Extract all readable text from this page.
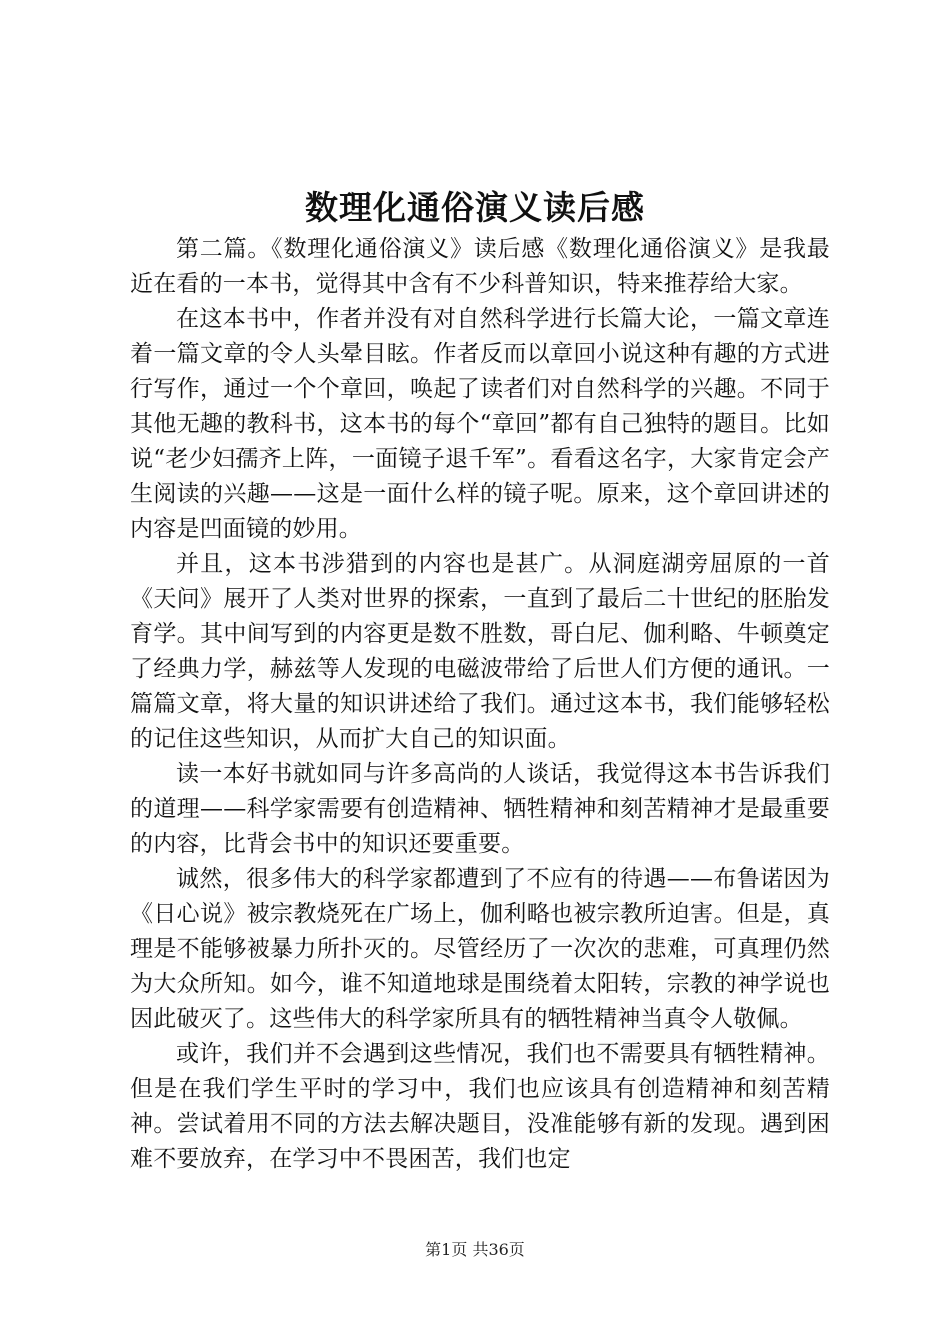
数理化通俗演义读后感

第二篇。《数理化通俗演义》读后感《数理化通俗演义》是我最近在看的一本书，觉得其中含有不少科普知识，特来推荐给大家。

在这本书中，作者并没有对自然科学进行长篇大论，一篇文章连着一篇文章的令人头晕目眩。作者反而以章回小说这种有趣的方式进行写作，通过一个个章回，唤起了读者们对自然科学的兴趣。不同于其他无趣的教科书，这本书的每个“章回”都有自己独特的题目。比如说“老少妇孺齐上阵，一面镜子退千军”。看看这名字，大家肯定会产生阅读的兴趣——这是一面什么样的镜子呢。原来，这个章回讲述的内容是凹面镜的妙用。

并且，这本书涉猎到的内容也是甚广。从洞庭湖旁屈原的一首《天问》展开了人类对世界的探索，一直到了最后二十世纪的胚胎发育学。其中间写到的内容更是数不胜数，哥白尼、伽利略、牛顿奠定了经典力学，赫兹等人发现的电磁波带给了后世人们方便的通讯。一篇篇文章，将大量的知识讲述给了我们。通过这本书，我们能够轻松的记住这些知识，从而扩大自己的知识面。

读一本好书就如同与许多高尚的人谈话，我觉得这本书告诉我们的道理——科学家需要有创造精神、牺牲精神和刻苦精神才是最重要的内容，比背会书中的知识还要重要。

诚然，很多伟大的科学家都遭到了不应有的待遇——布鲁诺因为《日心说》被宗教烧死在广场上，伽利略也被宗教所迫害。但是，真理是不能够被暴力所扑灭的。尽管经历了一次次的悲难，可真理仍然为大众所知。如今，谁不知道地球是围绕着太阳转，宗教的神学说也因此破灭了。这些伟大的科学家所具有的牺牲精神当真令人敬佩。

或许，我们并不会遇到这些情况，我们也不需要具有牺牲精神。但是在我们学生平时的学习中，我们也应该具有创造精神和刻苦精神。尝试着用不同的方法去解决题目，没准能够有新的发现。遇到困难不要放弃，在学习中不畏困苦，我们也定

第1页 共36页
